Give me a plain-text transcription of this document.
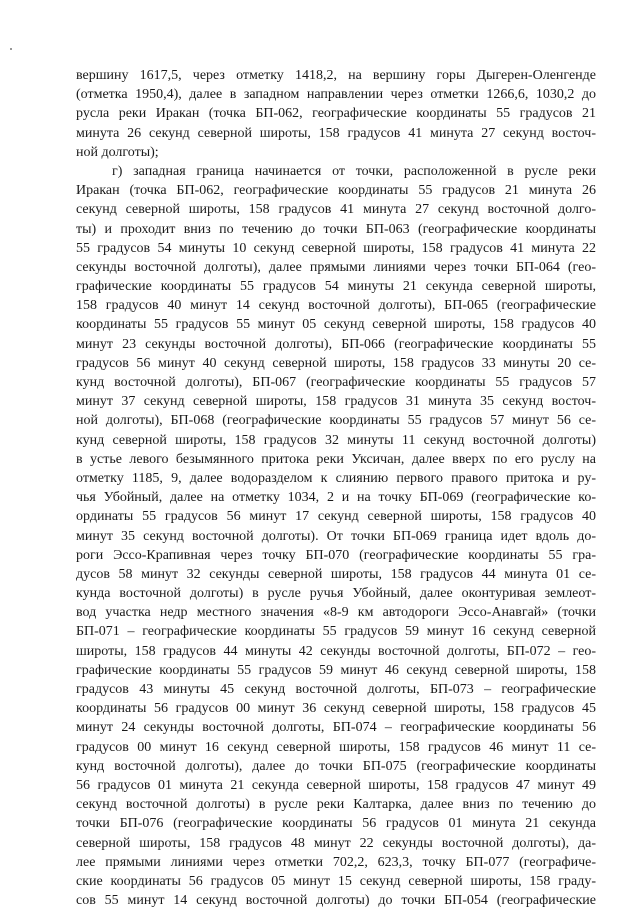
вершину 1617,5, через отметку 1418,2, на вершину горы Дыгерен-Оленгенде
(отметка 1950,4), далее в западном направлении через отметки 1266,6, 1030,2 до
русла реки Иракан (точка БП-062, географические координаты 55 градусов 21
минута 26 секунд северной широты, 158 градусов 41 минута 27 секунд восточ-
ной долготы);
г) западная граница начинается от точки, расположенной в русле реки
Иракан (точка БП-062, географические координаты 55 градусов 21 минута 26
секунд северной широты, 158 градусов 41 минута 27 секунд восточной долго-
ты) и проходит вниз по течению до точки БП-063 (географические координаты
55 градусов 54 минуты 10 секунд северной широты, 158 градусов 41 минута 22
секунды восточной долготы), далее прямыми линиями через точки БП-064 (гео-
графические координаты 55 градусов 54 минуты 21 секунда северной широты,
158 градусов 40 минут 14 секунд восточной долготы), БП-065 (географические
координаты 55 градусов 55 минут 05 секунд северной широты, 158 градусов 40
минут 23 секунды восточной долготы), БП-066 (географические координаты 55
градусов 56 минут 40 секунд северной широты, 158 градусов 33 минуты 20 се-
кунд восточной долготы), БП-067 (географические координаты 55 градусов 57
минут 37 секунд северной широты, 158 градусов 31 минута 35 секунд восточ-
ной долготы), БП-068 (географические координаты 55 градусов 57 минут 56 се-
кунд северной широты, 158 градусов 32 минуты 11 секунд восточной долготы)
в устье левого безымянного притока реки Уксичан, далее вверх по его руслу на
отметку 1185, 9, далее водоразделом к слиянию первого правого притока и ру-
чья Убойный, далее на отметку 1034, 2 и на точку БП-069 (географические ко-
ординаты 55 градусов 56 минут 17 секунд северной широты, 158 градусов 40
минут 35 секунд восточной долготы). От точки БП-069 граница идет вдоль до-
роги Эссо-Крапивная через точку БП-070 (географические координаты 55 гра-
дусов 58 минут 32 секунды северной широты, 158 градусов 44 минута 01 се-
кунда восточной долготы) в русле ручья Убойный, далее оконтуривая землеот-
вод участка недр местного значения «8-9 км автодороги Эссо-Анавгай» (точки
БП-071 – географические координаты 55 градусов 59 минут 16 секунд северной
широты, 158 градусов 44 минуты 42 секунды восточной долготы, БП-072 – гео-
графические координаты 55 градусов 59 минут 46 секунд северной широты, 158
градусов 43 минуты 45 секунд восточной долготы, БП-073 – географические
координаты 56 градусов 00 минут 36 секунд северной широты, 158 градусов 45
минут 24 секунды восточной долготы, БП-074 – географические координаты 56
градусов 00 минут 16 секунд северной широты, 158 градусов 46 минут 11 се-
кунд восточной долготы), далее до точки БП-075 (географические координаты
56 градусов 01 минута 21 секунда северной широты, 158 градусов 47 минут 49
секунд восточной долготы) в русле реки Калтарка, далее вниз по течению до
точки БП-076 (географические координаты 56 градусов 01 минута 21 секунда
северной широты, 158 градусов 48 минут 22 секунды восточной долготы), да-
лее прямыми линиями через отметки 702,2, 623,3, точку БП-077 (географиче-
ские координаты 56 градусов 05 минут 15 секунд северной широты, 158 граду-
сов 55 минут 14 секунд восточной долготы) до точки БП-054 (географические
